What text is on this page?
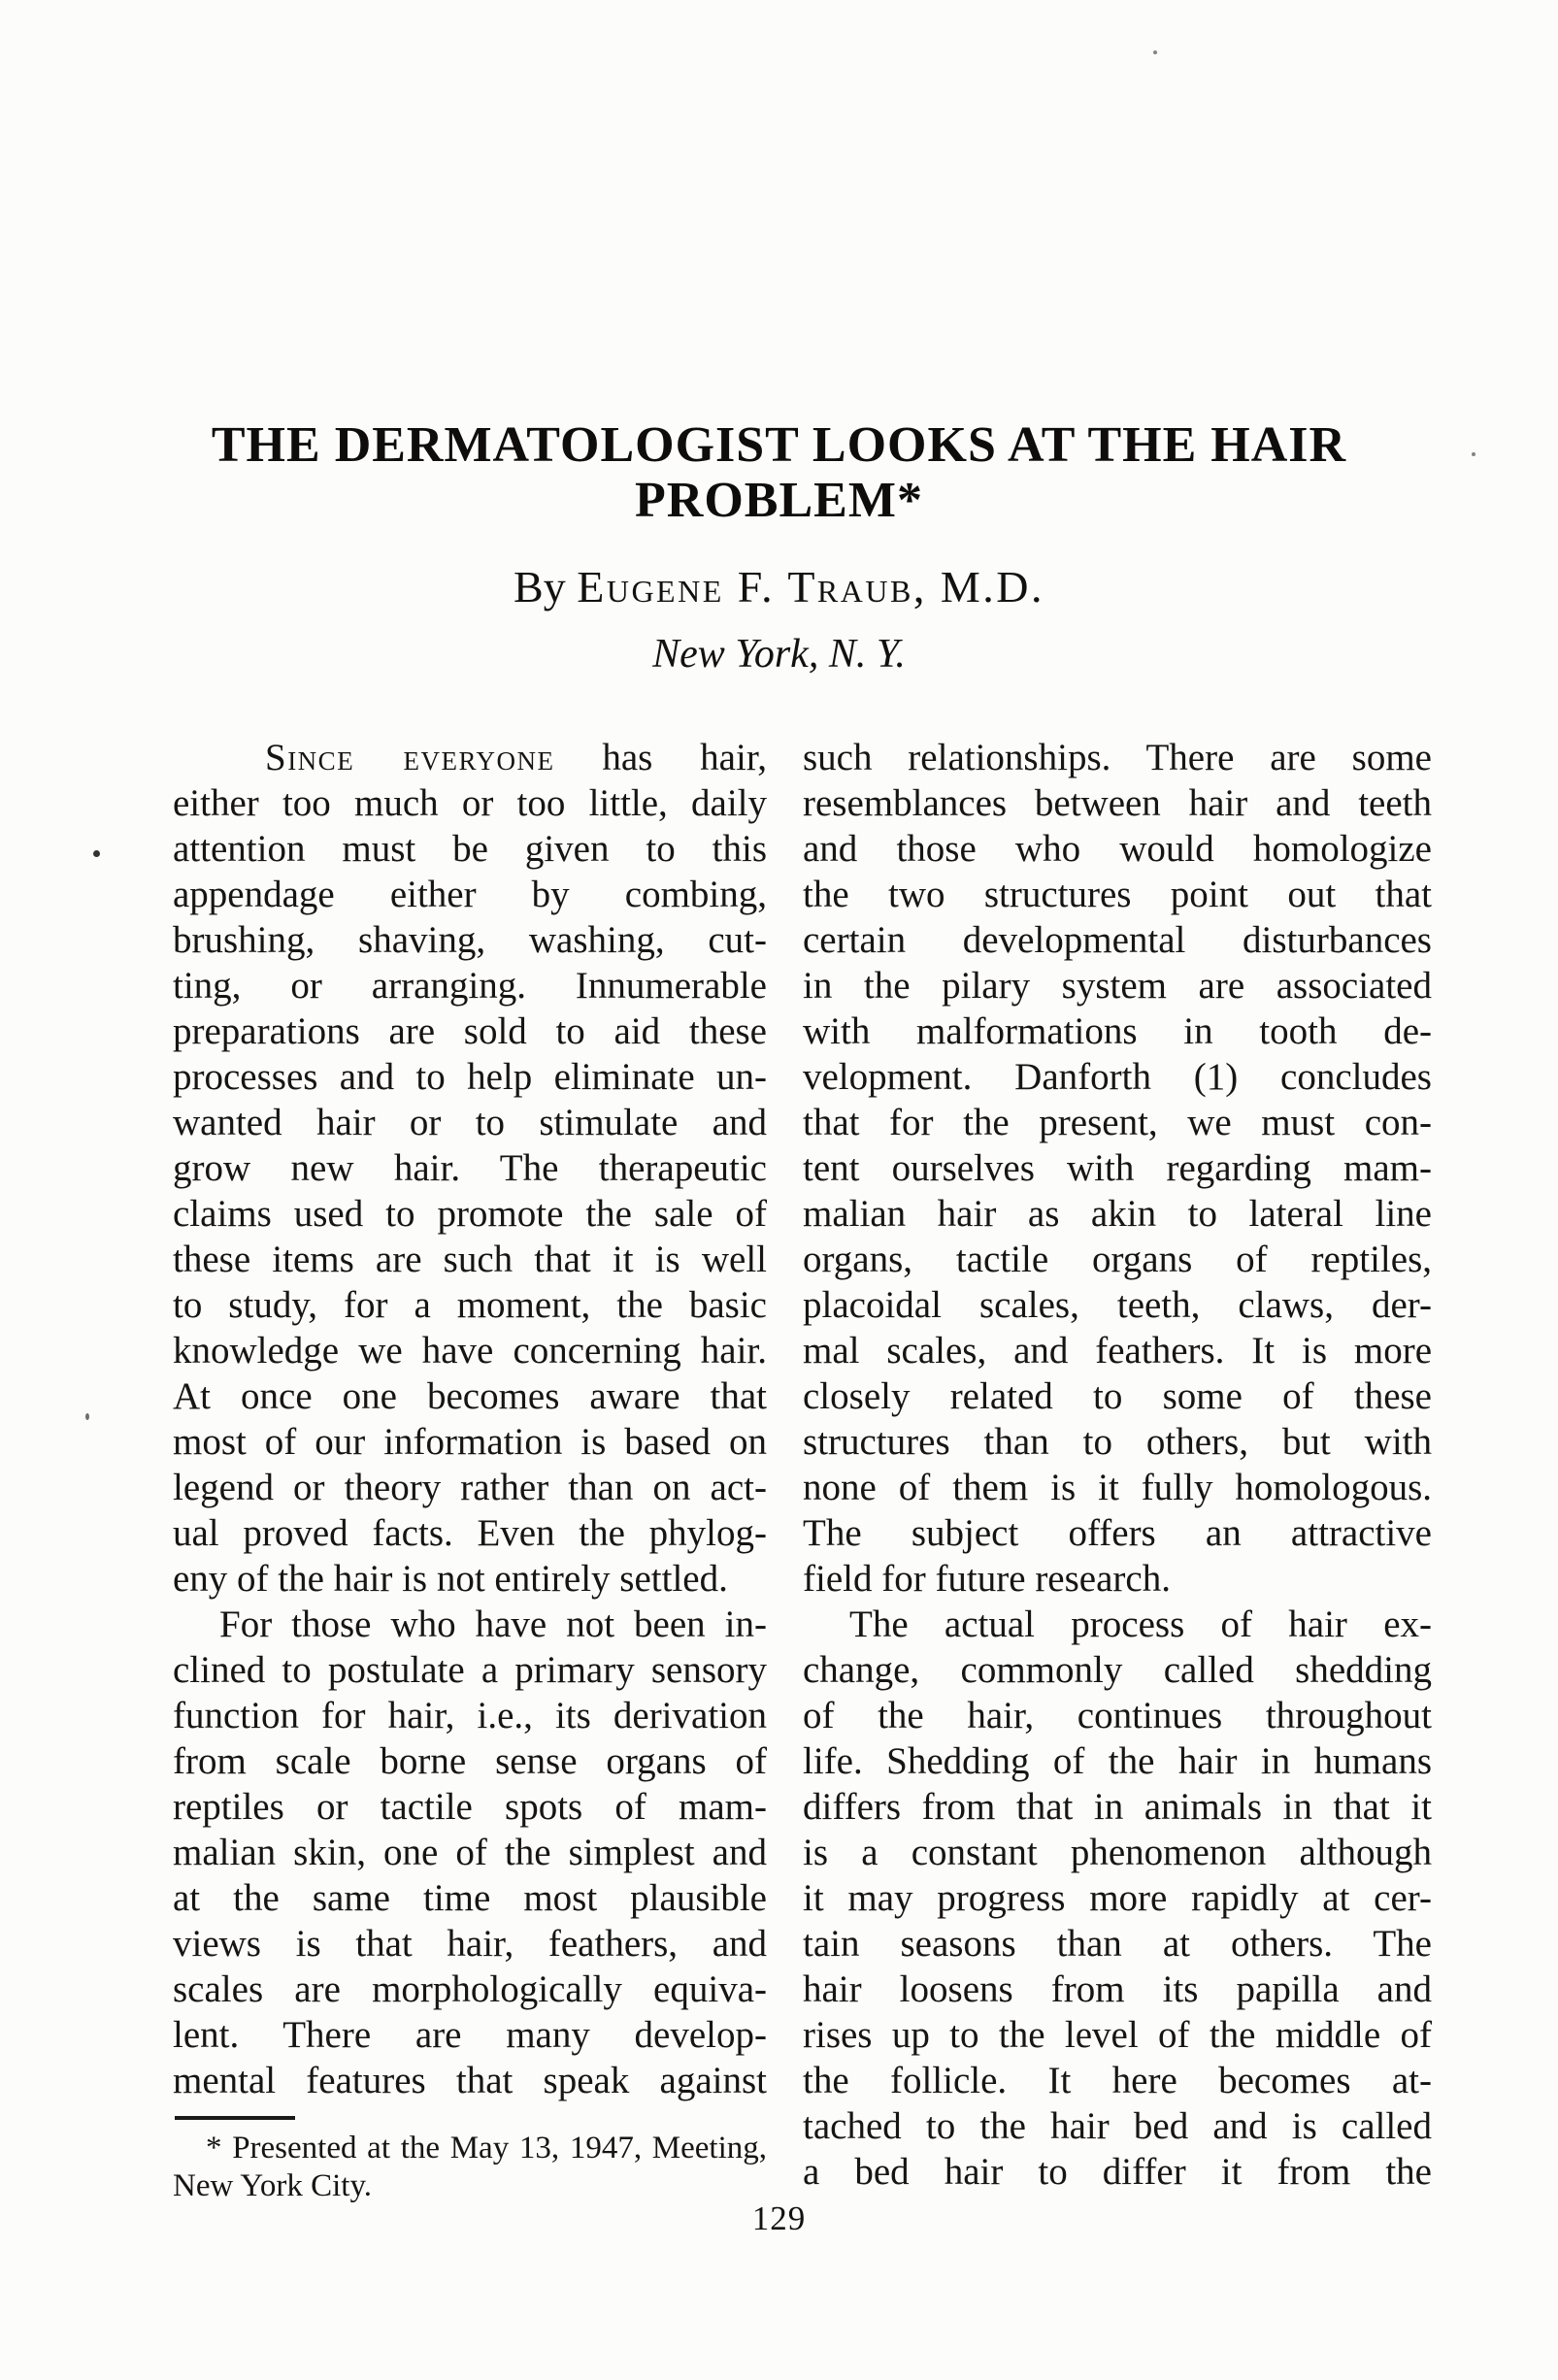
THE DERMATOLOGIST LOOKS AT THE HAIR
PROBLEM*
By Eugene F. Traub, M.D.
New York, N. Y.
Since everyone has hair,
either too much or too little, daily
attention must be given to this
appendage either by combing,
brushing, shaving, washing, cut-
ting, or arranging. Innumerable
preparations are sold to aid these
processes and to help eliminate un-
wanted hair or to stimulate and
grow new hair. The therapeutic
claims used to promote the sale of
these items are such that it is well
to study, for a moment, the basic
knowledge we have concerning hair.
At once one becomes aware that
most of our information is based on
legend or theory rather than on act-
ual proved facts. Even the phylog-
eny of the hair is not entirely settled.
For those who have not been in-
clined to postulate a primary sensory
function for hair, i.e., its derivation
from scale borne sense organs of
reptiles or tactile spots of mam-
malian skin, one of the simplest and
at the same time most plausible
views is that hair, feathers, and
scales are morphologically equiva-
lent. There are many develop-
mental features that speak against
such relationships. There are some
resemblances between hair and teeth
and those who would homologize
the two structures point out that
certain developmental disturbances
in the pilary system are associated
with malformations in tooth de-
velopment. Danforth (1) concludes
that for the present, we must con-
tent ourselves with regarding mam-
malian hair as akin to lateral line
organs, tactile organs of reptiles,
placoidal scales, teeth, claws, der-
mal scales, and feathers. It is more
closely related to some of these
structures than to others, but with
none of them is it fully homologous.
The subject offers an attractive
field for future research.
The actual process of hair ex-
change, commonly called shedding
of the hair, continues throughout
life. Shedding of the hair in humans
differs from that in animals in that it
is a constant phenomenon although
it may progress more rapidly at cer-
tain seasons than at others. The
hair loosens from its papilla and
rises up to the level of the middle of
the follicle. It here becomes at-
tached to the hair bed and is called
a bed hair to differ it from the
* Presented at the May 13, 1947, Meeting,
New York City.
129
